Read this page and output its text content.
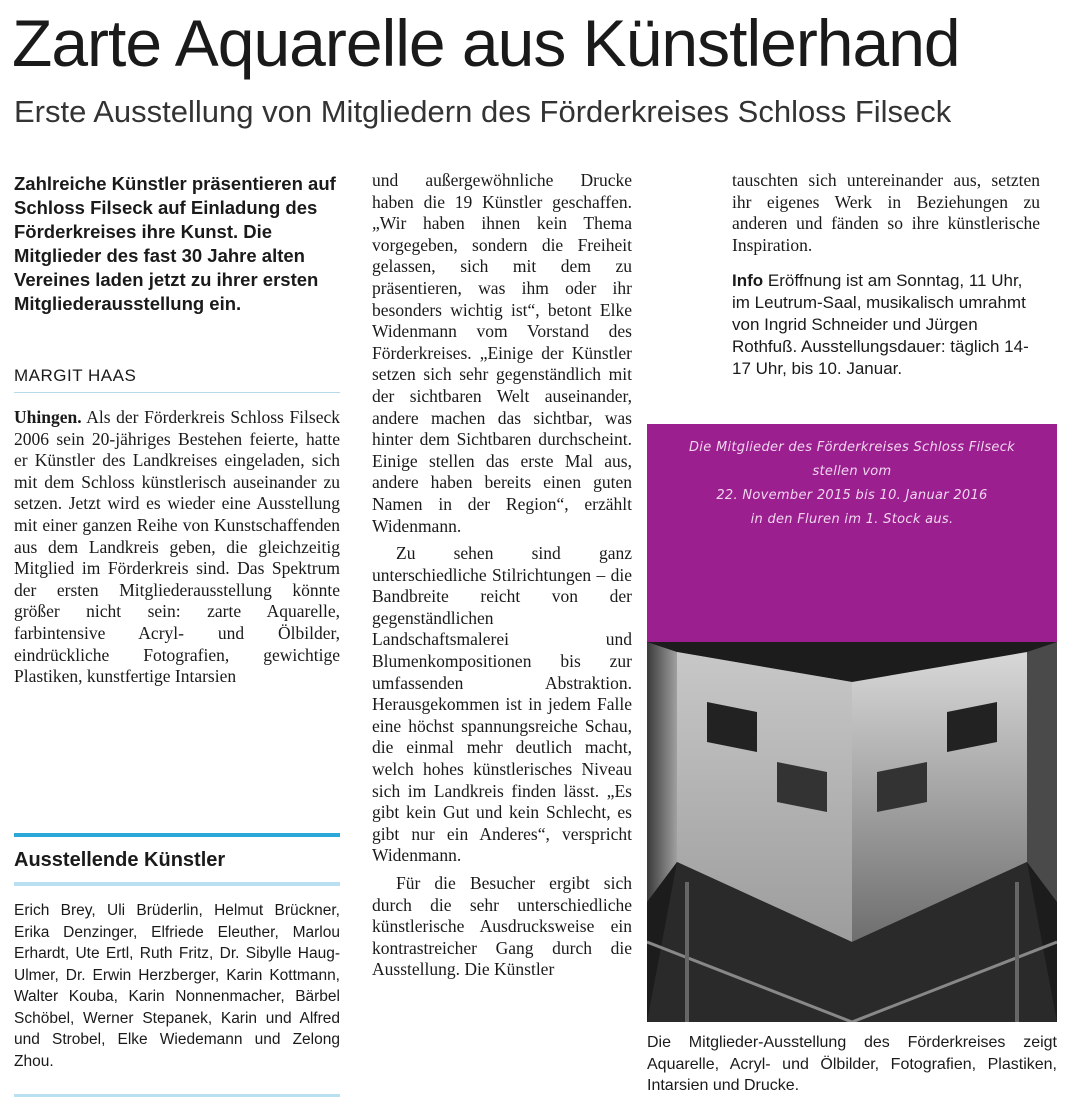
Zarte Aquarelle aus Künstlerhand
Erste Ausstellung von Mitgliedern des Förderkreises Schloss Filseck

Zahlreiche Künstler präsentieren auf Schloss Filseck auf Einladung des Förderkreises ihre Kunst. Die Mitglieder des fast 30 Jahre alten Vereines laden jetzt zu ihrer ersten Mitgliederausstellung ein.

MARGIT HAAS

Uhingen. Als der Förderkreis Schloss Filseck 2006 sein 20-jähriges Bestehen feierte, hatte er Künstler des Landkreises eingeladen, sich mit dem Schloss künstlerisch auseinander zu setzen. Jetzt wird es wieder eine Ausstellung mit einer ganzen Reihe von Kunstschaffenden aus dem Landkreis geben, die gleichzeitig Mitglied im Förderkreis sind. Das Spektrum der ersten Mitgliederausstellung könnte größer nicht sein: zarte Aquarelle, farbintensive Acryl- und Ölbilder, eindrückliche Fotografien, gewichtige Plastiken, kunstfertige Intarsien

Ausstellende Künstler
Erich Brey, Uli Brüderlin, Helmut Brückner, Erika Denzinger, Elfriede Eleuther, Marlou Erhardt, Ute Ertl, Ruth Fritz, Dr. Sibylle Haug-Ulmer, Dr. Erwin Herzberger, Karin Kottmann, Walter Kouba, Karin Nonnenmacher, Bärbel Schöbel, Werner Stepanek, Karin und Alfred und Strobel, Elke Wiedemann und Zelong Zhou.

und außergewöhnliche Drucke haben die 19 Künstler geschaffen. „Wir haben ihnen kein Thema vorgegeben, sondern die Freiheit gelassen, sich mit dem zu präsentieren, was ihm oder ihr besonders wichtig ist“, betont Elke Widenmann vom Vorstand des Förderkreises. „Einige der Künstler setzen sich sehr gegenständlich mit der sichtbaren Welt auseinander, andere machen das sichtbar, was hinter dem Sichtbaren durchscheint. Einige stellen das erste Mal aus, andere haben bereits einen guten Namen in der Region“, erzählt Widenmann.

Zu sehen sind ganz unterschiedliche Stilrichtungen – die Bandbreite reicht von der gegenständlichen Landschaftsmalerei und Blumenkompositionen bis zur umfassenden Abstraktion. Herausgekommen ist in jedem Falle eine höchst spannungsreiche Schau, die einmal mehr deutlich macht, welch hohes künstlerisches Niveau sich im Landkreis finden lässt. „Es gibt kein Gut und kein Schlecht, es gibt nur ein Anderes“, verspricht Widenmann.

Für die Besucher ergibt sich durch die sehr unterschiedliche künstlerische Ausdrucksweise ein kontrastreicher Gang durch die Ausstellung. Die Künstler

tauschten sich untereinander aus, setzten ihr eigenes Werk in Beziehungen zu anderen und fänden so ihre künstlerische Inspiration.

Info Eröffnung ist am Sonntag, 11 Uhr, im Leutrum-Saal, musikalisch umrahmt von Ingrid Schneider und Jürgen Rothfuß. Ausstellungsdauer: täglich 14-17 Uhr, bis 10. Januar.
Die Mitglieder des Förderkreises Schloss Filseck
stellen vom
22. November 2015 bis 10. Januar 2016
in den Fluren im 1. Stock aus.
Die Mitglieder-Ausstellung des Förderkreises zeigt Aquarelle, Acryl- und Ölbilder, Fotografien, Plastiken, Intarsien und Drucke.
